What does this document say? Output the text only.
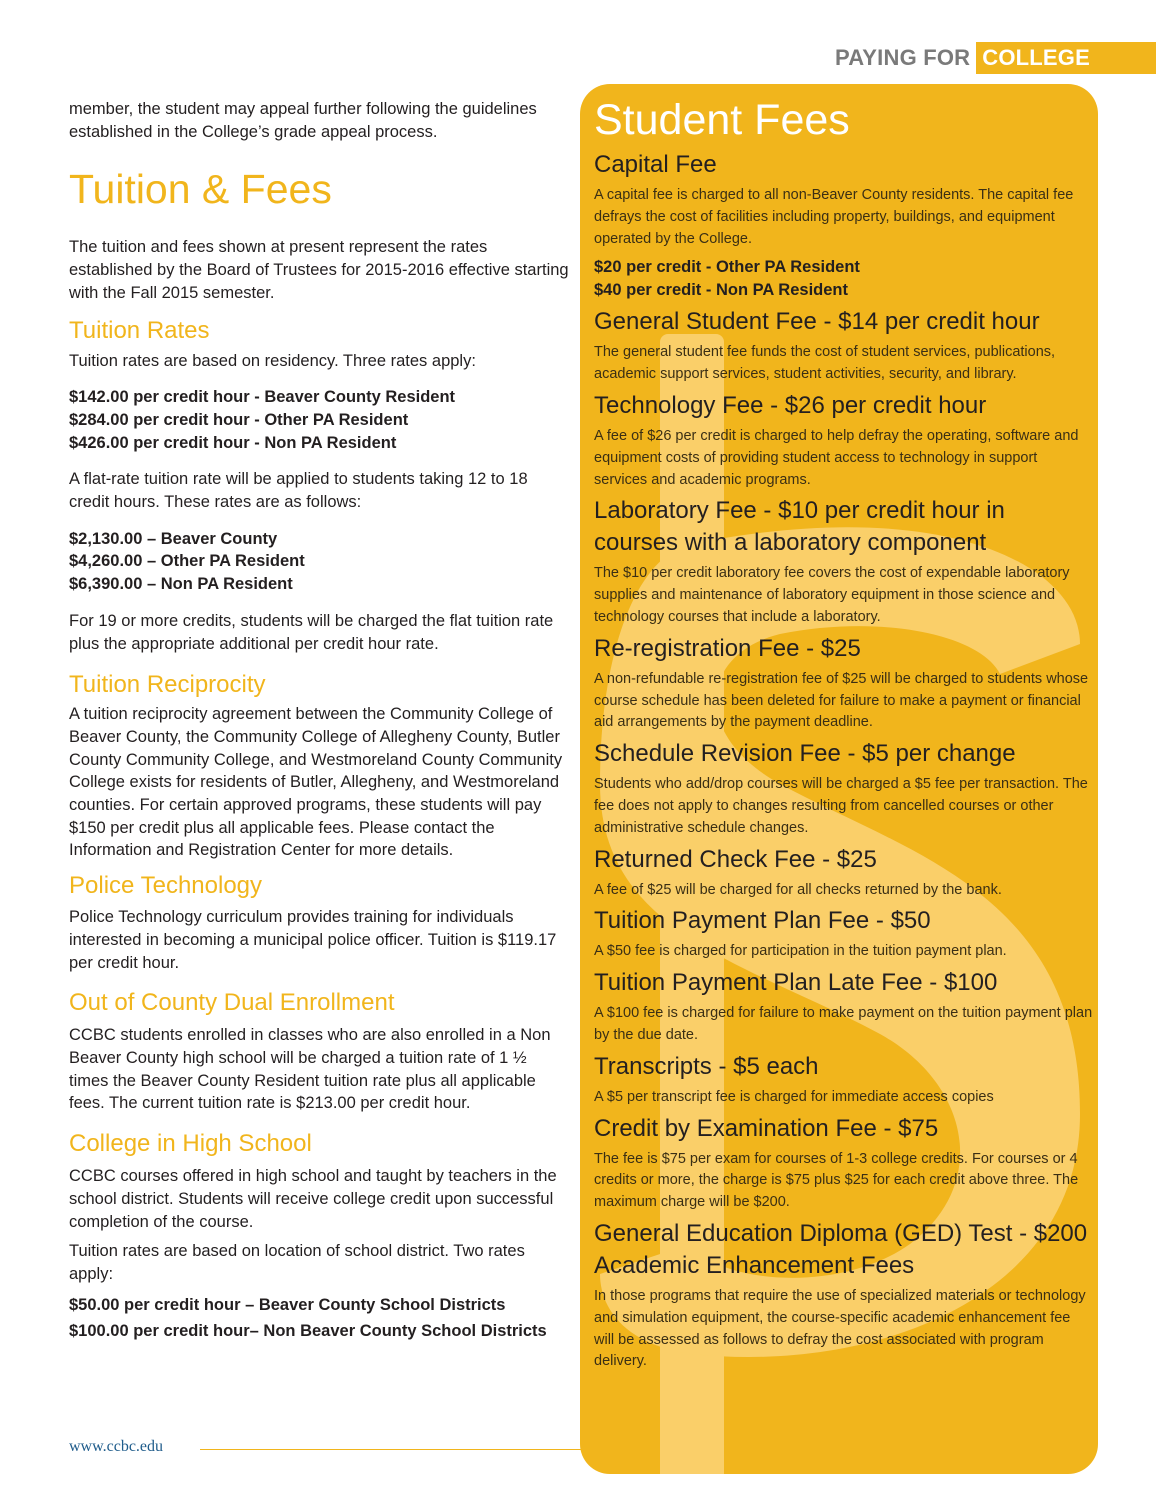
PAYING FOR COLLEGE

member, the student may appeal further following the guidelines established in the College’s grade appeal process.

Tuition & Fees

The tuition and fees shown at present represent the rates established by the Board of Trustees for 2015-2016 effective starting with the Fall 2015 semester.

Tuition Rates

Tuition rates are based on residency. Three rates apply:

$142.00 per credit hour - Beaver County Resident

$284.00 per credit hour - Other PA Resident

$426.00 per credit hour - Non PA Resident

A flat-rate tuition rate will be applied to students taking 12 to 18 credit hours. These rates are as follows:

$2,130.00 – Beaver County

$4,260.00 – Other PA Resident

$6,390.00 – Non PA Resident

For 19 or more credits, students will be charged the flat tuition rate plus the appropriate additional per credit hour rate.

Tuition Reciprocity

A tuition reciprocity agreement between the Community College of Beaver County, the Community College of Allegheny County, Butler County Community College, and Westmoreland County Community College exists for residents of Butler, Allegheny, and Westmoreland counties. For certain approved programs, these students will pay $150 per credit plus all applicable fees. Please contact the Information and Registration Center for more details.

Police Technology

Police Technology curriculum provides training for individuals interested in becoming a municipal police officer. Tuition is $119.17 per credit hour.

Out of County Dual Enrollment

CCBC students enrolled in classes who are also enrolled in a Non Beaver County high school will be charged a tuition rate of 1 ½ times the Beaver County Resident tuition rate plus all applicable fees. The current tuition rate is $213.00 per credit hour.

College in High School

CCBC courses offered in high school and taught by teachers in the school district. Students will receive college credit upon successful completion of the course.

Tuition rates are based on location of school district. Two rates apply:

$50.00 per credit hour – Beaver County School Districts

$100.00 per credit hour– Non Beaver County School Districts

www.ccbc.edu
Student Fees
Capital Fee

A capital fee is charged to all non-Beaver County residents. The capital fee defrays the cost of facilities including property, buildings, and equipment operated by the College.

$20 per credit - Other PA Resident

$40 per credit - Non PA Resident

General Student Fee - $14 per credit hour

The general student fee funds the cost of student services, publications, academic support services, student activities, security, and library.

Technology Fee - $26 per credit hour

A fee of $26 per credit is charged to help defray the operating, software and equipment costs of providing student access to technology in support services and academic programs.

Laboratory Fee - $10 per credit hour in courses with a laboratory component

The $10 per credit laboratory fee covers the cost of expendable laboratory supplies and maintenance of laboratory equipment in those science and technology courses that include a laboratory.

Re-registration Fee - $25

A non-refundable re-registration fee of $25 will be charged to students whose course schedule has been deleted for failure to make a payment or financial aid arrangements by the payment deadline.

Schedule Revision Fee - $5 per change

Students who add/drop courses will be charged a $5 fee per transaction. The fee does not apply to changes resulting from cancelled courses or other administrative schedule changes.

Returned Check Fee - $25

A fee of $25 will be charged for all checks returned by the bank.

Tuition Payment Plan Fee - $50

A $50 fee is charged for participation in the tuition payment plan.

Tuition Payment Plan Late Fee - $100

A $100 fee is charged for failure to make payment on the tuition payment plan by the due date.

Transcripts - $5 each

A $5 per transcript fee is charged for immediate access copies

Credit by Examination Fee - $75

The fee is $75 per exam for courses of 1-3 college credits. For courses or 4 credits or more, the charge is $75 plus $25 for each credit above three. The maximum charge will be $200.

General Education Diploma (GED) Test - $200
Academic Enhancement Fees

In those programs that require the use of specialized materials or technology and simulation equipment, the course-specific academic enhancement fee will be assessed as follows to defray the cost associated with program delivery.
